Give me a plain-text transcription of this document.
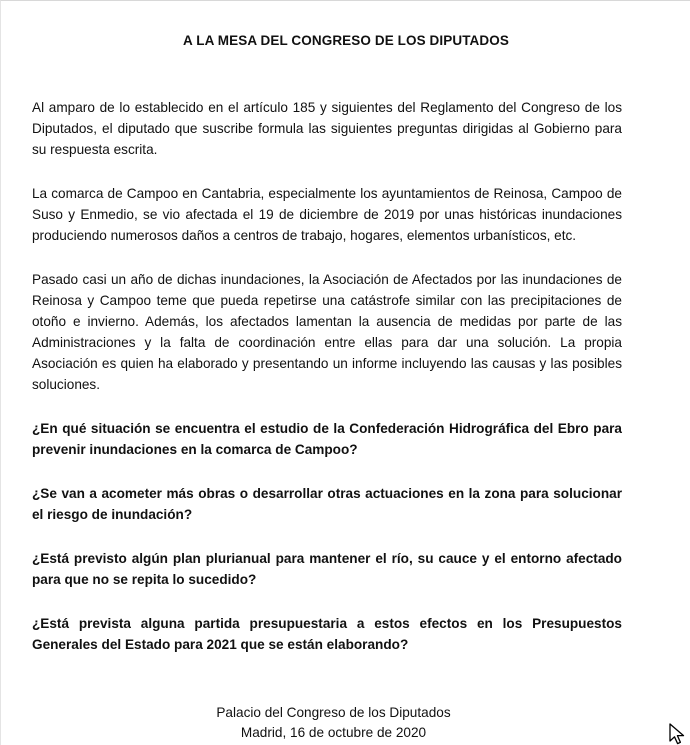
A LA MESA DEL CONGRESO DE LOS DIPUTADOS

Al amparo de lo establecido en el artículo 185 y siguientes del Reglamento del Congreso de los Diputados, el diputado que suscribe formula las siguientes preguntas dirigidas al Gobierno para su respuesta escrita.

La comarca de Campoo en Cantabria, especialmente los ayuntamientos de Reinosa, Campoo de Suso y Enmedio, se vio afectada el 19 de diciembre de 2019 por unas históricas inundaciones produciendo numerosos daños a centros de trabajo, hogares, elementos urbanísticos, etc.

Pasado casi un año de dichas inundaciones, la Asociación de Afectados por las inundaciones de Reinosa y Campoo teme que pueda repetirse una catástrofe similar con las precipitaciones de otoño e invierno. Además, los afectados lamentan la ausencia de medidas por parte de las Administraciones y la falta de coordinación entre ellas para dar una solución. La propia Asociación es quien ha elaborado y presentando un informe incluyendo las causas y las posibles soluciones.

¿En qué situación se encuentra el estudio de la Confederación Hidrográfica del Ebro para prevenir inundaciones en la comarca de Campoo?

¿Se van a acometer más obras o desarrollar otras actuaciones en la zona para solucionar el riesgo de inundación?

¿Está previsto algún plan plurianual para mantener el río, su cauce y el entorno afectado para que no se repita lo sucedido?

¿Está prevista alguna partida presupuestaria a estos efectos en los Presupuestos Generales del Estado para 2021 que se están elaborando?

Palacio del Congreso de los Diputados
Madrid, 16 de octubre de 2020
